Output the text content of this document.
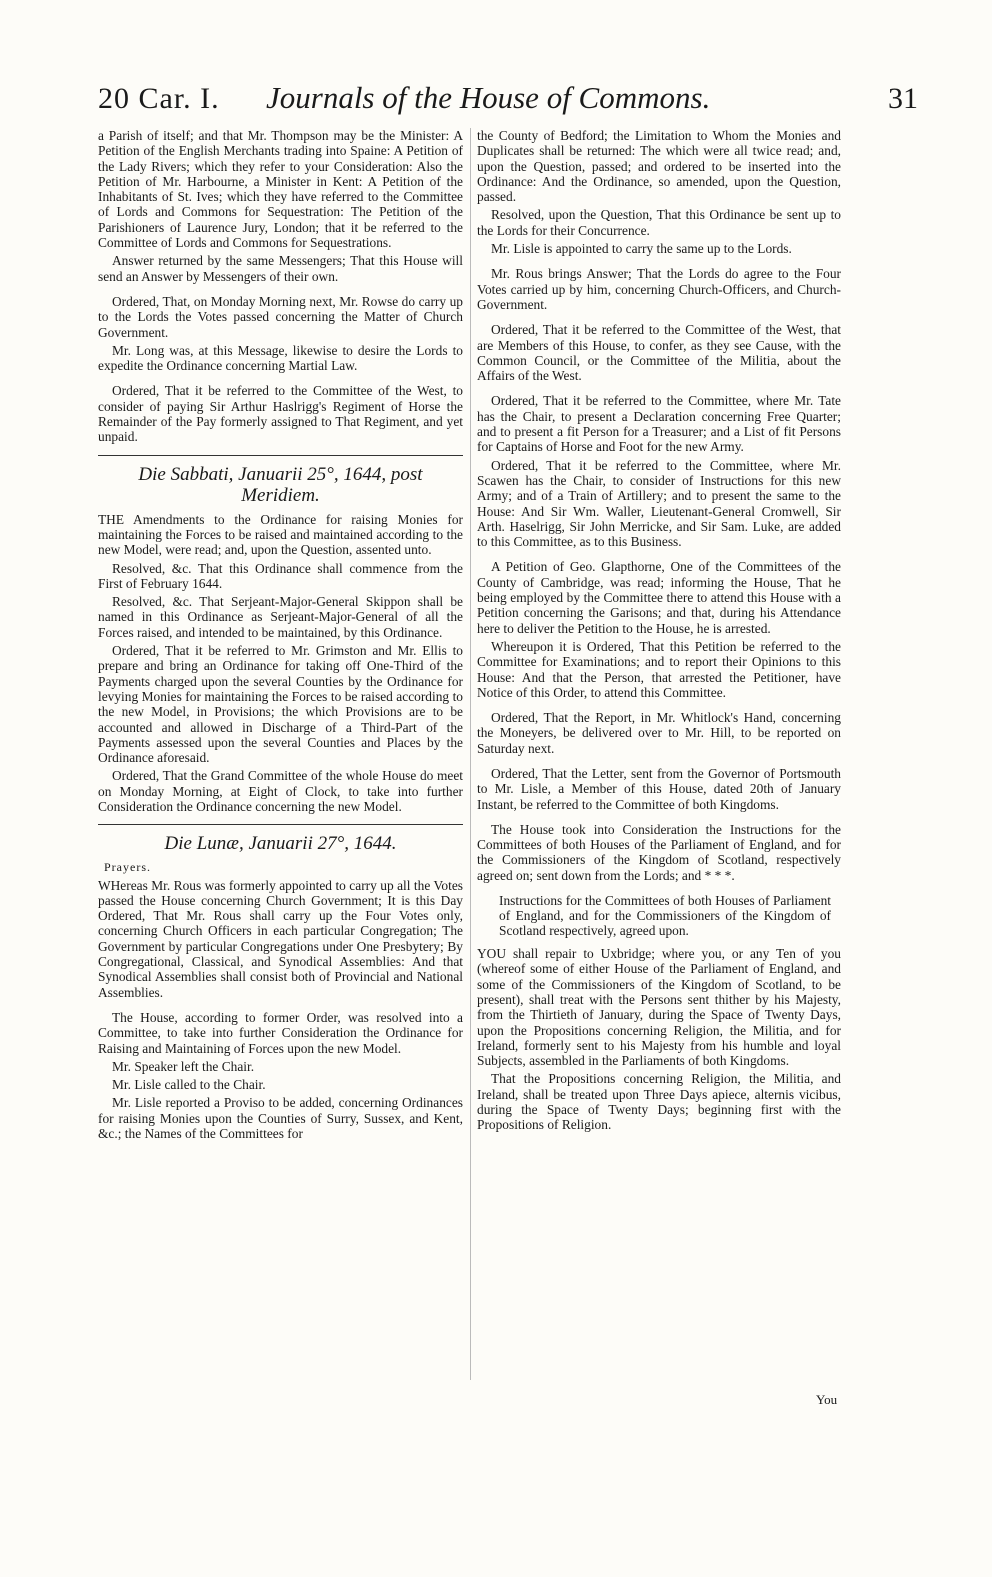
20 Car. I. Journals of the House of Commons.	31

a Parish of itself; and that Mr. Thompson may be the Minister: A Petition of the English Merchants trading into Spaine: A Petition of the Lady Rivers; which they refer to your Consideration: Also the Petition of Mr. Harbourne, a Minister in Kent: A Petition of the Inhabitants of St. Ives; which they have referred to the Committee of Lords and Commons for Sequestration: The Petition of the Parishioners of Laurence Jury, London; that it be referred to the Committee of Lords and Commons for Sequestrations.

Answer returned by the same Messengers; That this House will send an Answer by Messengers of their own.

Ordered, That, on Monday Morning next, Mr. Rowse do carry up to the Lords the Votes passed concerning the Matter of Church Government.

Mr. Long was, at this Message, likewise to desire the Lords to expedite the Ordinance concerning Martial Law.

Ordered, That it be referred to the Committee of the West, to consider of paying Sir Arthur Haslrigg's Regiment of Horse the Remainder of the Pay formerly assigned to That Regiment, and yet unpaid.

Die Sabbati, Januarii 25°, 1644, post Meridiem.

THE Amendments to the Ordinance for raising Monies for maintaining the Forces to be raised and maintained according to the new Model, were read; and, upon the Question, assented unto.

Resolved, &c. That this Ordinance shall commence from the First of February 1644.

Resolved, &c. That Serjeant-Major-General Skippon shall be named in this Ordinance as Serjeant-Major-General of all the Forces raised, and intended to be maintained, by this Ordinance.

Ordered, That it be referred to Mr. Grimston and Mr. Ellis to prepare and bring an Ordinance for taking off One-Third of the Payments charged upon the several Counties by the Ordinance for levying Monies for maintaining the Forces to be raised according to the new Model, in Provisions; the which Provisions are to be accounted and allowed in Discharge of a Third-Part of the Payments assessed upon the several Counties and Places by the Ordinance aforesaid.

Ordered, That the Grand Committee of the whole House do meet on Monday Morning, at Eight of Clock, to take into further Consideration the Ordinance concerning the new Model.

Die Lunæ, Januarii 27°, 1644.
Prayers.

WHereas Mr. Rous was formerly appointed to carry up all the Votes passed the House concerning Church Government; It is this Day Ordered, That Mr. Rous shall carry up the Four Votes only, concerning Church Officers in each particular Congregation; The Government by particular Congregations under One Presbytery; By Congregational, Classical, and Synodical Assemblies: And that Synodical Assemblies shall consist both of Provincial and National Assemblies.

The House, according to former Order, was resolved into a Committee, to take into further Consideration the Ordinance for Raising and Maintaining of Forces upon the new Model.

Mr. Speaker left the Chair.

Mr. Lisle called to the Chair.

Mr. Lisle reported a Proviso to be added, concerning Ordinances for raising Monies upon the Counties of Surry, Sussex, and Kent, &c.; the Names of the Committees for

the County of Bedford; the Limitation to Whom the Monies and Duplicates shall be returned: The which were all twice read; and, upon the Question, passed; and ordered to be inserted into the Ordinance: And the Ordinance, so amended, upon the Question, passed.

Resolved, upon the Question, That this Ordinance be sent up to the Lords for their Concurrence.

Mr. Lisle is appointed to carry the same up to the Lords.

Mr. Rous brings Answer; That the Lords do agree to the Four Votes carried up by him, concerning Church-Officers, and Church-Government.

Ordered, That it be referred to the Committee of the West, that are Members of this House, to confer, as they see Cause, with the Common Council, or the Committee of the Militia, about the Affairs of the West.

Ordered, That it be referred to the Committee, where Mr. Tate has the Chair, to present a Declaration concerning Free Quarter; and to present a fit Person for a Treasurer; and a List of fit Persons for Captains of Horse and Foot for the new Army.

Ordered, That it be referred to the Committee, where Mr. Scawen has the Chair, to consider of Instructions for this new Army; and of a Train of Artillery; and to present the same to the House: And Sir Wm. Waller, Lieutenant-General Cromwell, Sir Arth. Haselrigg, Sir John Merricke, and Sir Sam. Luke, are added to this Committee, as to this Business.

A Petition of Geo. Glapthorne, One of the Committees of the County of Cambridge, was read; informing the House, That he being employed by the Committee there to attend this House with a Petition concerning the Garisons; and that, during his Attendance here to deliver the Petition to the House, he is arrested.

Whereupon it is Ordered, That this Petition be referred to the Committee for Examinations; and to report their Opinions to this House: And that the Person, that arrested the Petitioner, have Notice of this Order, to attend this Committee.

Ordered, That the Report, in Mr. Whitlock's Hand, concerning the Moneyers, be delivered over to Mr. Hill, to be reported on Saturday next.

Ordered, That the Letter, sent from the Governor of Portsmouth to Mr. Lisle, a Member of this House, dated 20th of January Instant, be referred to the Committee of both Kingdoms.

The House took into Consideration the Instructions for the Committees of both Houses of the Parliament of England, and for the Commissioners of the Kingdom of Scotland, respectively agreed on; sent down from the Lords; and * * *.

Instructions for the Committees of both Houses of Parliament of England, and for the Commissioners of the Kingdom of Scotland respectively, agreed upon.

YOU shall repair to Uxbridge; where you, or any Ten of you (whereof some of either House of the Parliament of England, and some of the Commissioners of the Kingdom of Scotland, to be present), shall treat with the Persons sent thither by his Majesty, from the Thirtieth of January, during the Space of Twenty Days, upon the Propositions concerning Religion, the Militia, and for Ireland, formerly sent to his Majesty from his humble and loyal Subjects, assembled in the Parliaments of both Kingdoms.

That the Propositions concerning Religion, the Militia, and Ireland, shall be treated upon Three Days apiece, alternis vicibus, during the Space of Twenty Days; beginning first with the Propositions of Religion.

You
